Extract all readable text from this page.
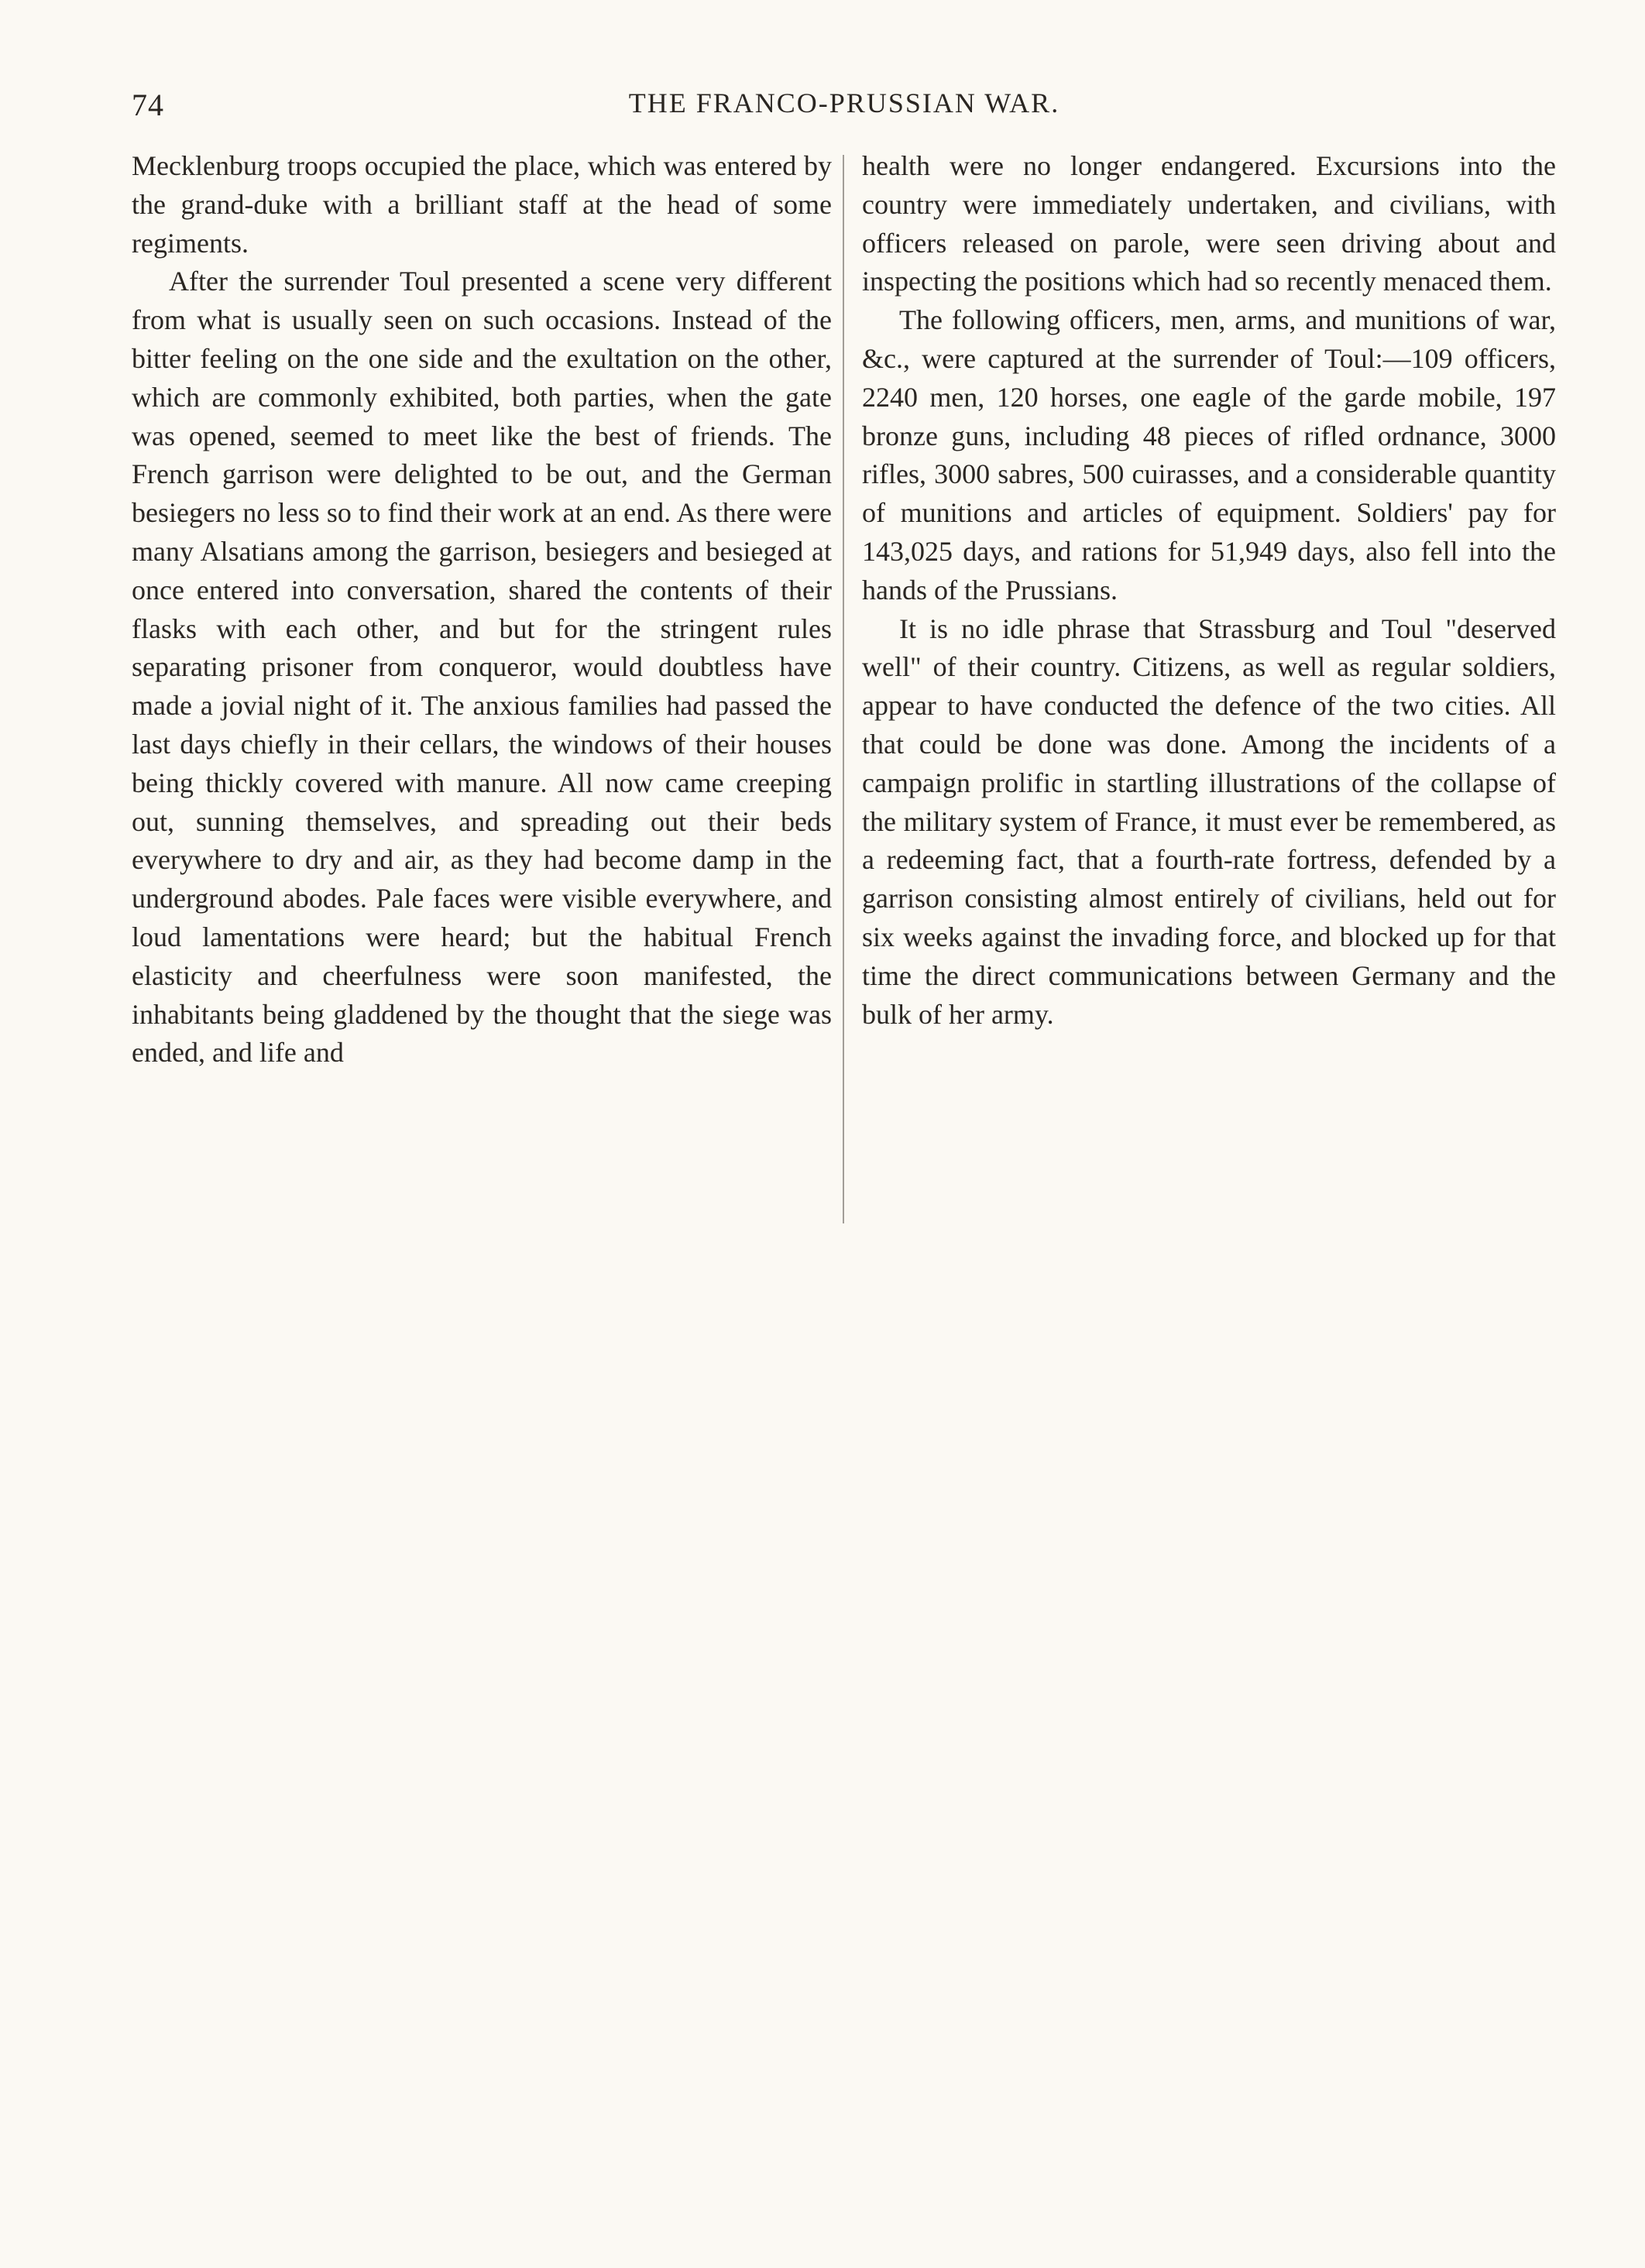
74	THE FRANCO-PRUSSIAN WAR.

Mecklenburg troops occupied the place, which was entered by the grand-duke with a brilliant staff at the head of some regiments.

After the surrender Toul presented a scene very different from what is usually seen on such occasions. Instead of the bitter feeling on the one side and the exultation on the other, which are commonly exhibited, both parties, when the gate was opened, seemed to meet like the best of friends. The French garrison were delighted to be out, and the German besiegers no less so to find their work at an end. As there were many Alsatians among the garrison, besiegers and besieged at once entered into conversation, shared the contents of their flasks with each other, and but for the stringent rules separating prisoner from conqueror, would doubtless have made a jovial night of it. The anxious families had passed the last days chiefly in their cellars, the windows of their houses being thickly covered with manure. All now came creeping out, sunning themselves, and spreading out their beds everywhere to dry and air, as they had become damp in the underground abodes. Pale faces were visible everywhere, and loud lamentations were heard; but the habitual French elasticity and cheerfulness were soon manifested, the inhabitants being gladdened by the thought that the siege was ended, and life and

health were no longer endangered. Excursions into the country were immediately undertaken, and civilians, with officers released on parole, were seen driving about and inspecting the positions which had so recently menaced them.

The following officers, men, arms, and munitions of war, &c., were captured at the surrender of Toul:—109 officers, 2240 men, 120 horses, one eagle of the garde mobile, 197 bronze guns, including 48 pieces of rifled ordnance, 3000 rifles, 3000 sabres, 500 cuirasses, and a considerable quantity of munitions and articles of equipment. Soldiers' pay for 143,025 days, and rations for 51,949 days, also fell into the hands of the Prussians.

It is no idle phrase that Strassburg and Toul "deserved well" of their country. Citizens, as well as regular soldiers, appear to have conducted the defence of the two cities. All that could be done was done. Among the incidents of a campaign prolific in startling illustrations of the collapse of the military system of France, it must ever be remembered, as a redeeming fact, that a fourth-rate fortress, defended by a garrison consisting almost entirely of civilians, held out for six weeks against the invading force, and blocked up for that time the direct communications between Germany and the bulk of her army.
